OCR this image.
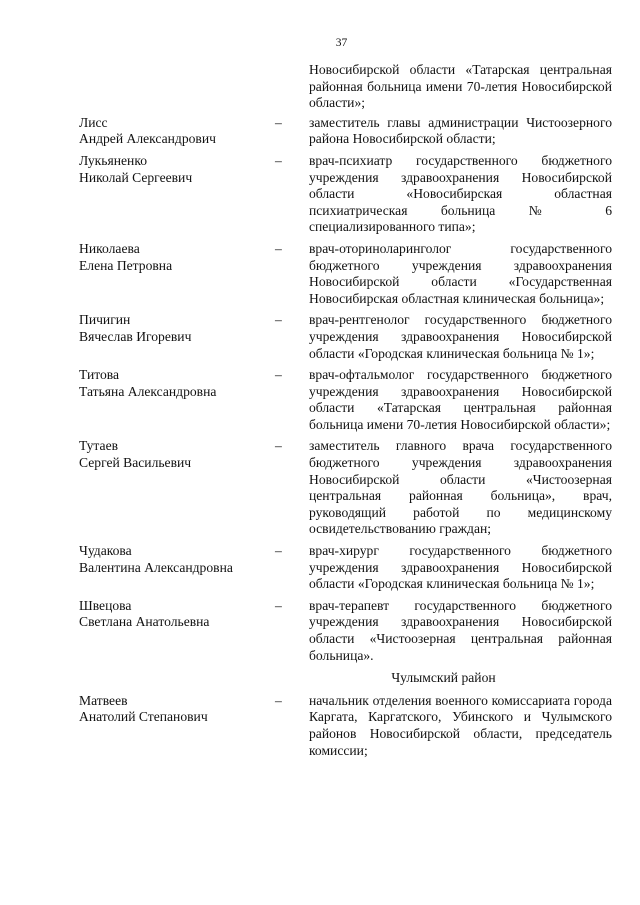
37
Новосибирской области «Татарская центральная районная больница имени 70-летия Новосибирской области»;
Лисс
Андрей Александрович
–	заместитель главы администрации Чистоозерного района Новосибирской области;
Лукьяненко
Николай Сергеевич
–	врач-психиатр государственного бюджетного учреждения здравоохранения Новосибирской области «Новосибирская областная психиатрическая больница № 6 специализированного типа»;
Николаева
Елена Петровна
–	врач-оториноларинголог государственного бюджетного учреждения здравоохранения Новосибирской области «Государственная Новосибирская областная клиническая больница»;
Пичигин
Вячеслав Игоревич
–	врач-рентгенолог государственного бюджетного учреждения здравоохранения Новосибирской области «Городская клиническая больница № 1»;
Титова
Татьяна Александровна
–	врач-офтальмолог государственного бюджетного учреждения здравоохранения Новосибирской области «Татарская центральная районная больница имени 70-летия Новосибирской области»;
Тутаев
Сергей Васильевич
–	заместитель главного врача государственного бюджетного учреждения здравоохранения Новосибирской области «Чистоозерная центральная районная больница», врач, руководящий работой по медицинскому освидетельствованию граждан;
Чудакова
Валентина Александровна
–	врач-хирург государственного бюджетного учреждения здравоохранения Новосибирской области «Городская клиническая больница № 1»;
Швецова
Светлана Анатольевна
–	врач-терапевт государственного бюджетного учреждения здравоохранения Новосибирской области «Чистоозерная центральная районная больница».
Чулымский район
Матвеев
Анатолий Степанович
–	начальник отделения военного комиссариата города Каргата, Каргатского, Убинского и Чулымского районов Новосибирской области, председатель комиссии;
